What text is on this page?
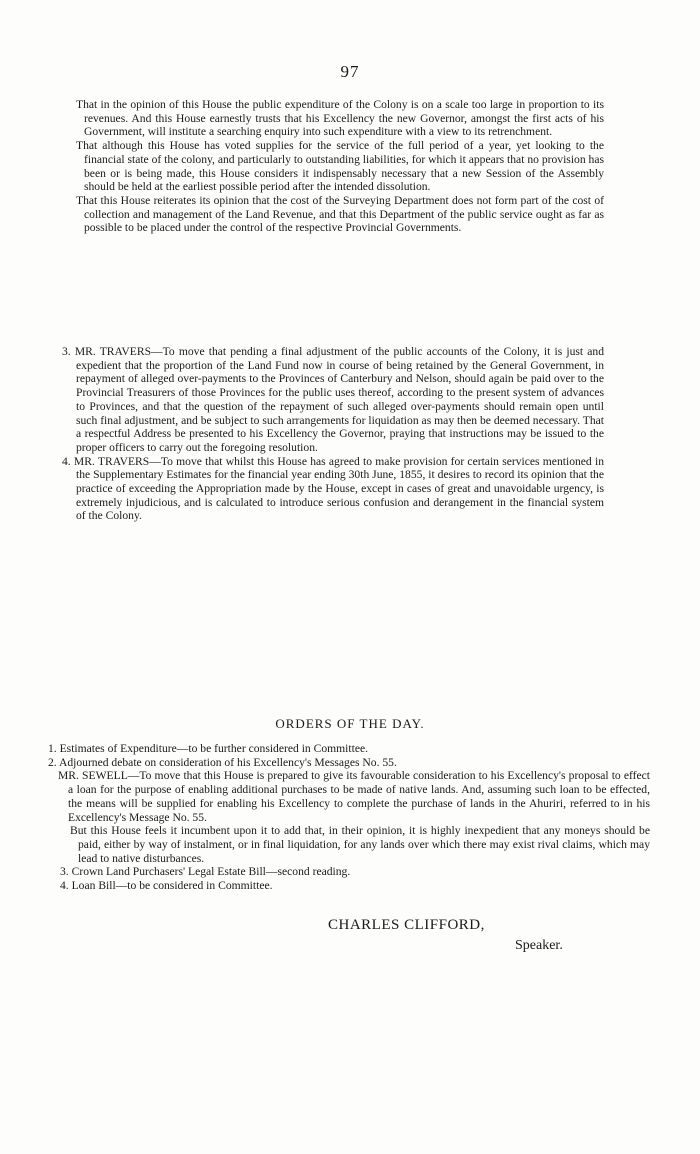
97
That in the opinion of this House the public expenditure of the Colony is on a scale too large in proportion to its revenues. And this House earnestly trusts that his Excellency the new Governor, amongst the first acts of his Government, will institute a searching enquiry into such expenditure with a view to its retrenchment.
That although this House has voted supplies for the service of the full period of a year, yet looking to the financial state of the colony, and particularly to outstanding liabilities, for which it appears that no provision has been or is being made, this House considers it indispensably necessary that a new Session of the Assembly should be held at the earliest possible period after the intended dissolution.
That this House reiterates its opinion that the cost of the Surveying Department does not form part of the cost of collection and management of the Land Revenue, and that this Department of the public service ought as far as possible to be placed under the control of the respective Provincial Governments.
3. MR. TRAVERS—To move that pending a final adjustment of the public accounts of the Colony, it is just and expedient that the proportion of the Land Fund now in course of being retained by the General Government, in repayment of alleged over-payments to the Provinces of Canterbury and Nelson, should again be paid over to the Provincial Treasurers of those Provinces for the public uses thereof, according to the present system of advances to Provinces, and that the question of the repayment of such alleged over-payments should remain open until such final adjustment, and be subject to such arrangements for liquidation as may then be deemed necessary. That a respectful Address be presented to his Excellency the Governor, praying that instructions may be issued to the proper officers to carry out the foregoing resolution.
4. MR. TRAVERS—To move that whilst this House has agreed to make provision for certain services mentioned in the Supplementary Estimates for the financial year ending 30th June, 1855, it desires to record its opinion that the practice of exceeding the Appropriation made by the House, except in cases of great and unavoidable urgency, is extremely injudicious, and is calculated to introduce serious confusion and derangement in the financial system of the Colony.
ORDERS OF THE DAY.
1. Estimates of Expenditure—to be further considered in Committee.
2. Adjourned debate on consideration of his Excellency's Messages No. 55.
MR. SEWELL—To move that this House is prepared to give its favourable consideration to his Excellency's proposal to effect a loan for the purpose of enabling additional purchases to be made of native lands. And, assuming such loan to be effected, the means will be supplied for enabling his Excellency to complete the purchase of lands in the Ahuriri, referred to in his Excellency's Message No. 55.
But this House feels it incumbent upon it to add that, in their opinion, it is highly inexpedient that any moneys should be paid, either by way of instalment, or in final liquidation, for any lands over which there may exist rival claims, which may lead to native disturbances.
3. Crown Land Purchasers' Legal Estate Bill—second reading.
4. Loan Bill—to be considered in Committee.
CHARLES CLIFFORD,
Speaker.
